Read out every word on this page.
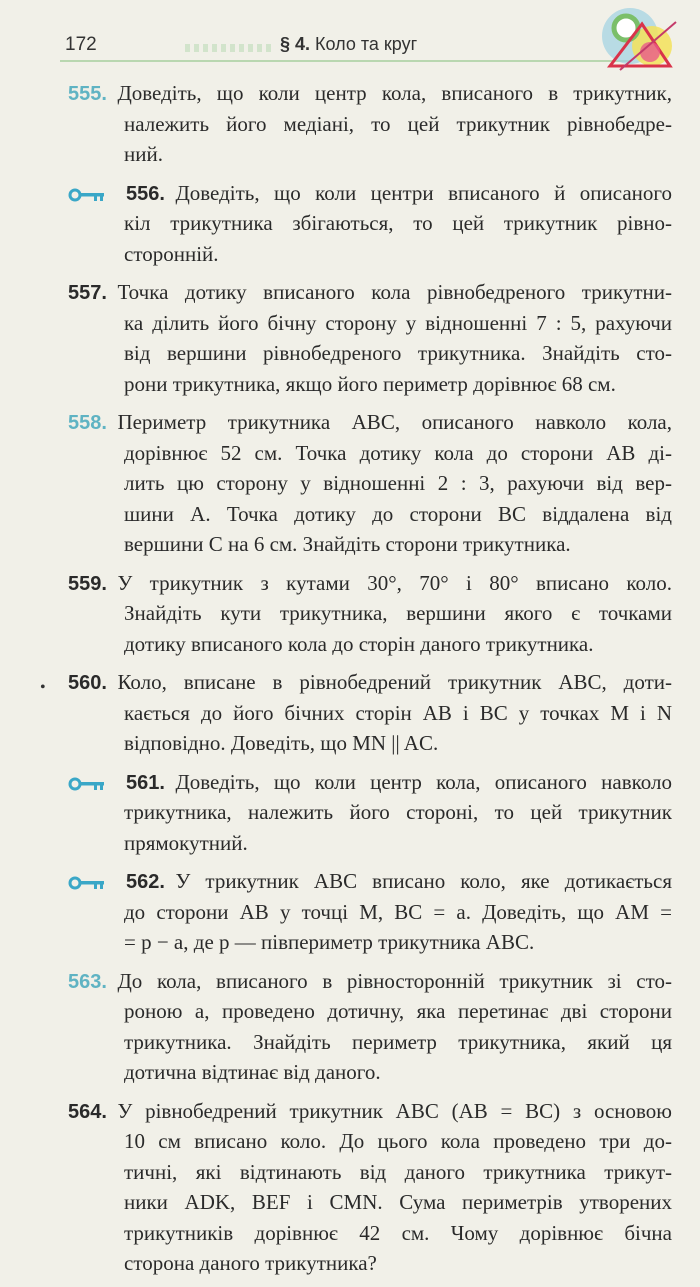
172	§ 4. Коло та круг
555.  Доведіть, що коли центр кола, вписаного в трикутник,
належить його медіані, то цей трикутник рівнобедре-
ний.
556.  Доведіть, що коли центри вписаного й описаного
кіл трикутника збігаються, то цей трикутник рівно-
сторонній.
557.  Точка дотику вписаного кола рівнобедреного трикутни-
ка ділить його бічну сторону у відношенні 7 : 5, рахуючи
від вершини рівнобедреного трикутника. Знайдіть сто-
рони трикутника, якщо його периметр дорівнює 68 см.
558.  Периметр трикутника ABC, описаного навколо кола,
дорівнює 52 см. Точка дотику кола до сторони AB ді-
лить цю сторону у відношенні 2 : 3, рахуючи від вер-
шини A. Точка дотику до сторони BC віддалена від
вершини C на 6 см. Знайдіть сторони трикутника.
559.  У трикутник з кутами 30°, 70° і 80° вписано коло.
Знайдіть кути трикутника, вершини якого є точками
дотику вписаного кола до сторін даного трикутника.
560.  Коло, вписане в рівнобедрений трикутник ABC, доти-
кається до його бічних сторін AB і BC у точках M і N
відповідно. Доведіть, що MN || AC.
•
561.  Доведіть, що коли центр кола, описаного навколо
трикутника, належить його стороні, то цей трикутник
прямокутний.
562.  У трикутник ABC вписано коло, яке дотикається
до сторони AB у точці M, BC = a. Доведіть, що AM =
= p − a, де p — півпериметр трикутника ABC.
563.  До кола, вписаного в рівносторонній трикутник зі сто-
роною a, проведено дотичну, яка перетинає дві сторони
трикутника. Знайдіть периметр трикутника, який ця
дотична відтинає від даного.
564.  У рівнобедрений трикутник ABC (AB = BC) з основою
10 см вписано коло. До цього кола проведено три до-
тичні, які відтинають від даного трикутника трикут-
ники ADK, BEF і CMN. Сума периметрів утворених
трикутників дорівнює 42 см. Чому дорівнює бічна
сторона даного трикутника?
